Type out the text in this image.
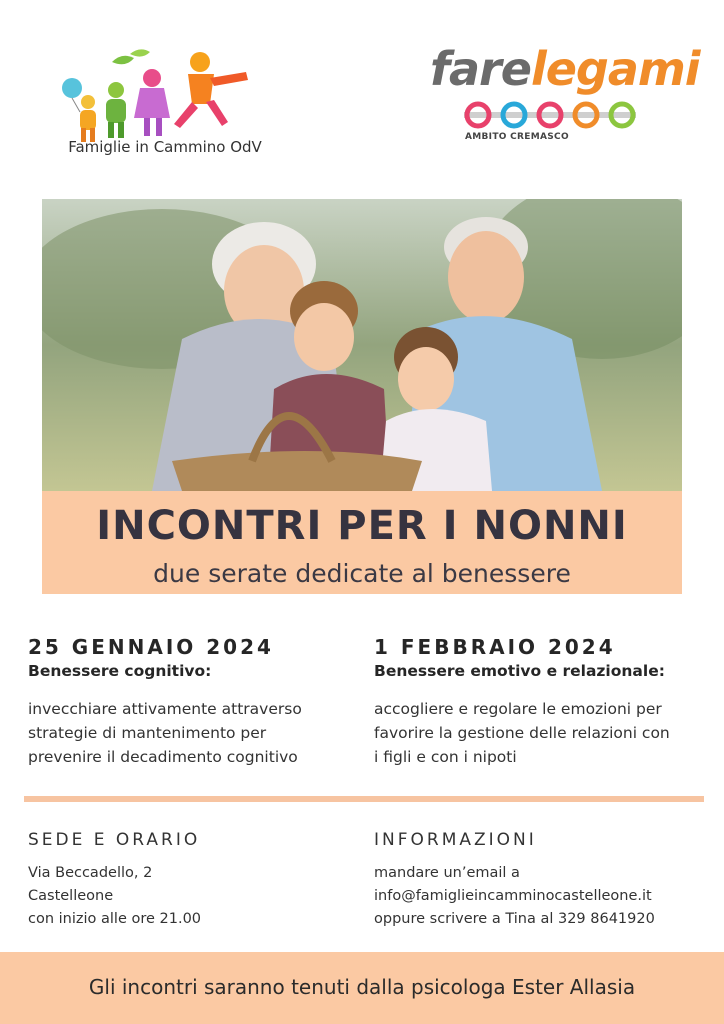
Famiglie in Cammino OdV
farelegami
AMBITO CREMASCO
INCONTRI PER I NONNI
due serate dedicate al benessere
25 GENNAIO 2024
Benessere cognitivo:
invecchiare attivamente attraverso
strategie di mantenimento per
prevenire il decadimento cognitivo
1 FEBBRAIO 2024
Benessere emotivo e relazionale:
accogliere e regolare le emozioni per
favorire la gestione delle relazioni con
i figli e con i nipoti
SEDE E ORARIO
Via Beccadello, 2
Castelleone
con inizio alle ore 21.00
INFORMAZIONI
mandare un’email a
info@famiglieincamminocastelleone.it
oppure scrivere a Tina al 329 8641920
Gli incontri saranno tenuti dalla psicologa Ester Allasia
